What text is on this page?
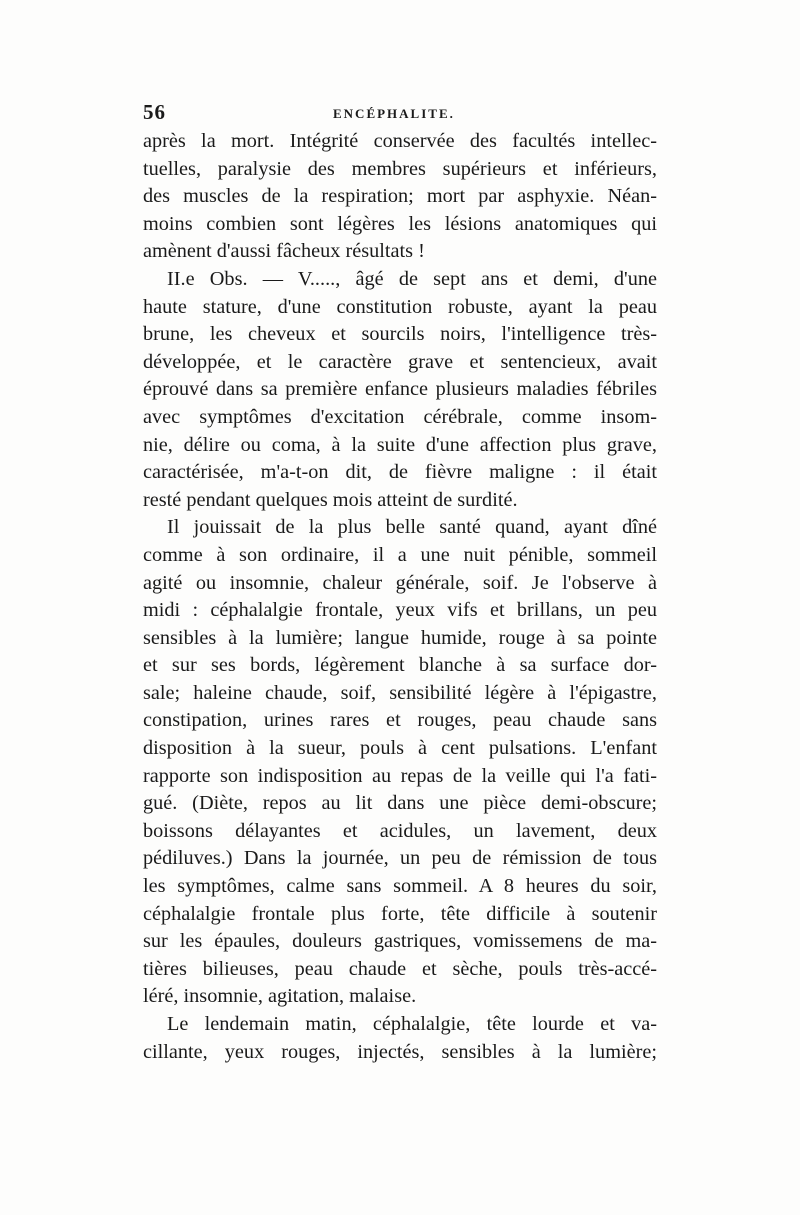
56	ENCÉPHALITE.
après la mort. Intégrité conservée des facultés intellec-
tuelles, paralysie des membres supérieurs et inférieurs,
des muscles de la respiration; mort par asphyxie. Néan-
moins combien sont légères les lésions anatomiques qui
amènent d'aussi fâcheux résultats !
II.e Obs. — V....., âgé de sept ans et demi, d'une
haute stature, d'une constitution robuste, ayant la peau
brune, les cheveux et sourcils noirs, l'intelligence très-
développée, et le caractère grave et sentencieux, avait
éprouvé dans sa première enfance plusieurs maladies fébriles
avec symptômes d'excitation cérébrale, comme insom-
nie, délire ou coma, à la suite d'une affection plus grave,
caractérisée, m'a-t-on dit, de fièvre maligne : il était
resté pendant quelques mois atteint de surdité.
Il jouissait de la plus belle santé quand, ayant dîné
comme à son ordinaire, il a une nuit pénible, sommeil
agité ou insomnie, chaleur générale, soif. Je l'observe à
midi : céphalalgie frontale, yeux vifs et brillans, un peu
sensibles à la lumière; langue humide, rouge à sa pointe
et sur ses bords, légèrement blanche à sa surface dor-
sale; haleine chaude, soif, sensibilité légère à l'épigastre,
constipation, urines rares et rouges, peau chaude sans
disposition à la sueur, pouls à cent pulsations. L'enfant
rapporte son indisposition au repas de la veille qui l'a fati-
gué. (Diète, repos au lit dans une pièce demi-obscure;
boissons délayantes et acidules, un lavement, deux
pédiluves.) Dans la journée, un peu de rémission de tous
les symptômes, calme sans sommeil. A 8 heures du soir,
céphalalgie frontale plus forte, tête difficile à soutenir
sur les épaules, douleurs gastriques, vomissemens de ma-
tières bilieuses, peau chaude et sèche, pouls très-accé-
léré, insomnie, agitation, malaise.
Le lendemain matin, céphalalgie, tête lourde et va-
cillante, yeux rouges, injectés, sensibles à la lumière;
